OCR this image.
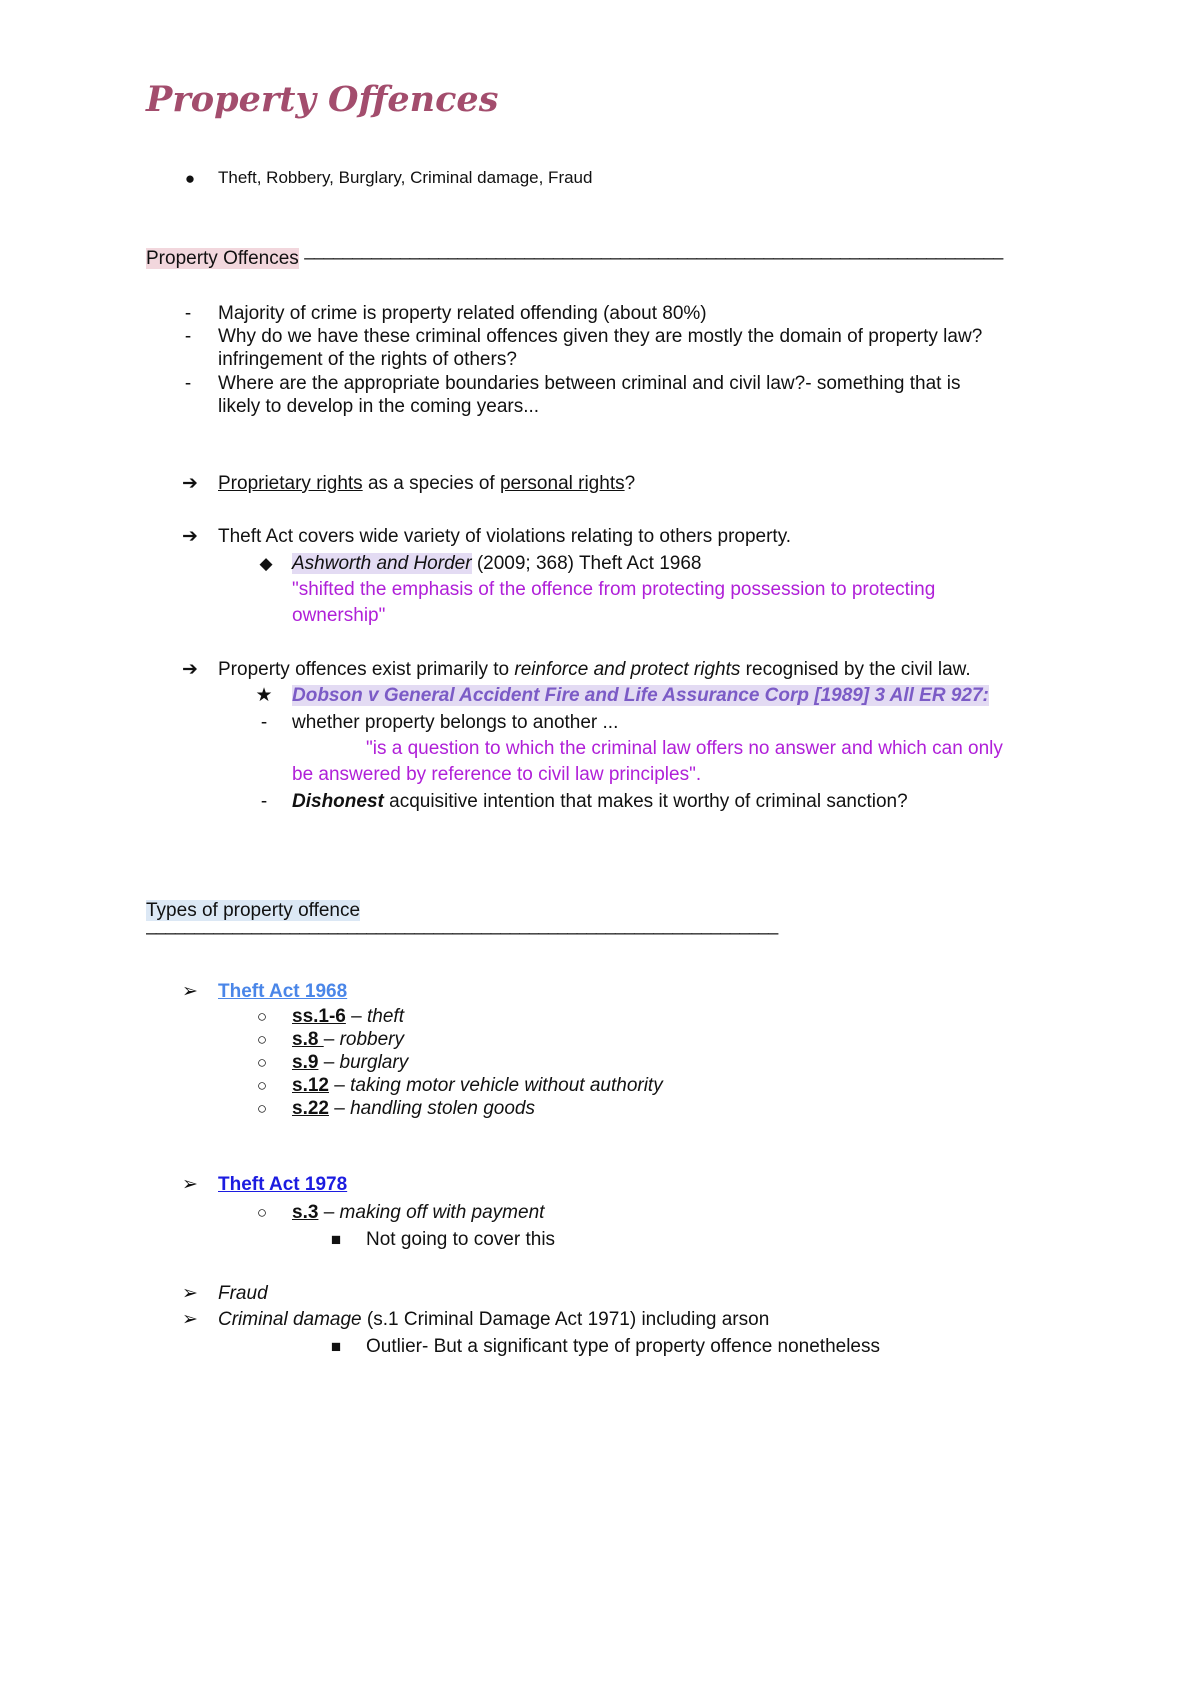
Property Offences
●	Theft, Robbery, Burglary, Criminal damage, Fraud
Property Offences –––––––––––––––––––––––––––––––––––––––––––––––––––––––––––––––––––––––––
-	Majority of crime is property related offending (about 80%)
-	Why do we have these criminal offences given they are mostly the domain of property law?
infringement of the rights of others?
-	Where are the appropriate boundaries between criminal and civil law?- something that is
likely to develop in the coming years...
➔ Proprietary rights as a species of personal rights?
➔ Theft Act covers wide variety of violations relating to others property.
◆ Ashworth and Horder (2009; 368) Theft Act 1968
"shifted the emphasis of the offence from protecting possession to protecting
ownership"
➔ Property offences exist primarily to reinforce and protect rights recognised by the civil law.
★ Dobson v General Accident Fire and Life Assurance Corp [1989] 3 All ER 927:
-	whether property belongs to another ...
"is a question to which the criminal law offers no answer and which can only
be answered by reference to civil law principles".
-	Dishonest acquisitive intention that makes it worthy of criminal sanction?
Types of property offence
––––––––––––––––––––––––––––––––––––––––––––––––––––––––––––––––––
➢ Theft Act 1968
○	ss.1-6 – theft
○	s.8 – robbery
○	s.9 – burglary
○	s.12 – taking motor vehicle without authority
○	s.22 – handling stolen goods
➢ Theft Act 1978
○	s.3 – making off with payment
■	Not going to cover this
➢ Fraud
➢ Criminal damage (s.1 Criminal Damage Act 1971) including arson
■	Outlier- But a significant type of property offence nonetheless
